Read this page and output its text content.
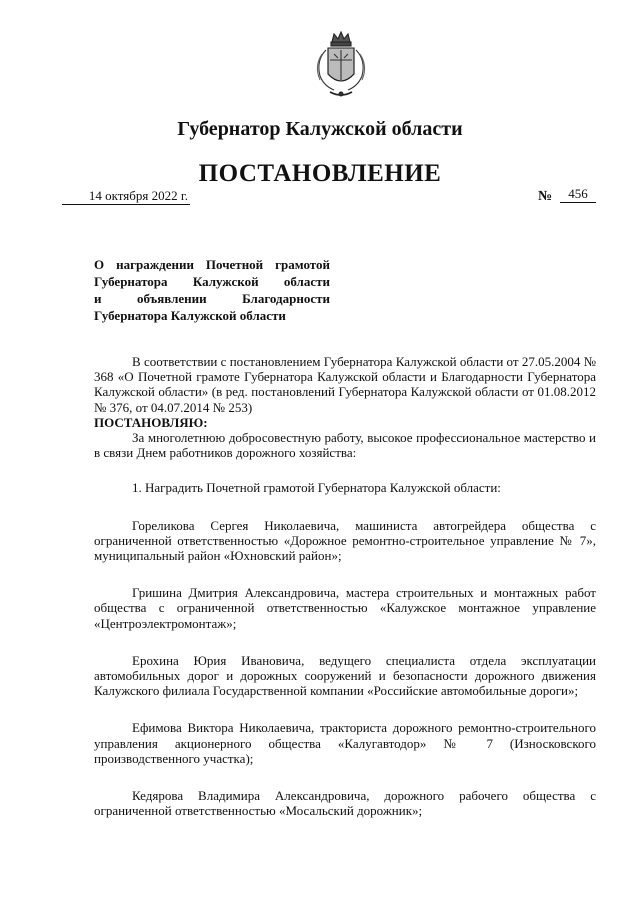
Губернатор Калужской области
ПОСТАНОВЛЕНИЕ
14 октября 2022 г.	№	456
О награждении Почетной грамотой
Губернатора Калужской области
и объявлении Благодарности
Губернатора Калужской области

В соответствии с постановлением Губернатора Калужской области от 27.05.2004 № 368 «О Почетной грамоте Губернатора Калужской области и Благодарности Губернатора Калужской области» (в ред. постановлений Губернатора Калужской области от 01.08.2012 № 376, от 04.07.2014 № 253)

ПОСТАНОВЛЯЮ:

За многолетнюю добросовестную работу, высокое профессиональное мастерство и в связи Днем работников дорожного хозяйства:

1. Наградить Почетной грамотой Губернатора Калужской области:

Гореликова Сергея Николаевича, машиниста автогрейдера общества с ограниченной ответственностью «Дорожное ремонтно-строительное управление № 7», муниципальный район «Юхновский район»;

Гришина Дмитрия Александровича, мастера строительных и монтажных работ общества с ограниченной ответственностью «Калужское монтажное управление «Центроэлектромонтаж»;

Ерохина Юрия Ивановича, ведущего специалиста отдела эксплуатации автомобильных дорог и дорожных сооружений и безопасности дорожного движения Калужского филиала Государственной компании «Российские автомобильные дороги»;

Ефимова Виктора Николаевича, тракториста дорожного ремонтно-строительного управления акционерного общества «Калугавтодор» № 7 (Износковского производственного участка);

Кедярова Владимира Александровича, дорожного рабочего общества с ограниченной ответственностью «Мосальский дорожник»;
